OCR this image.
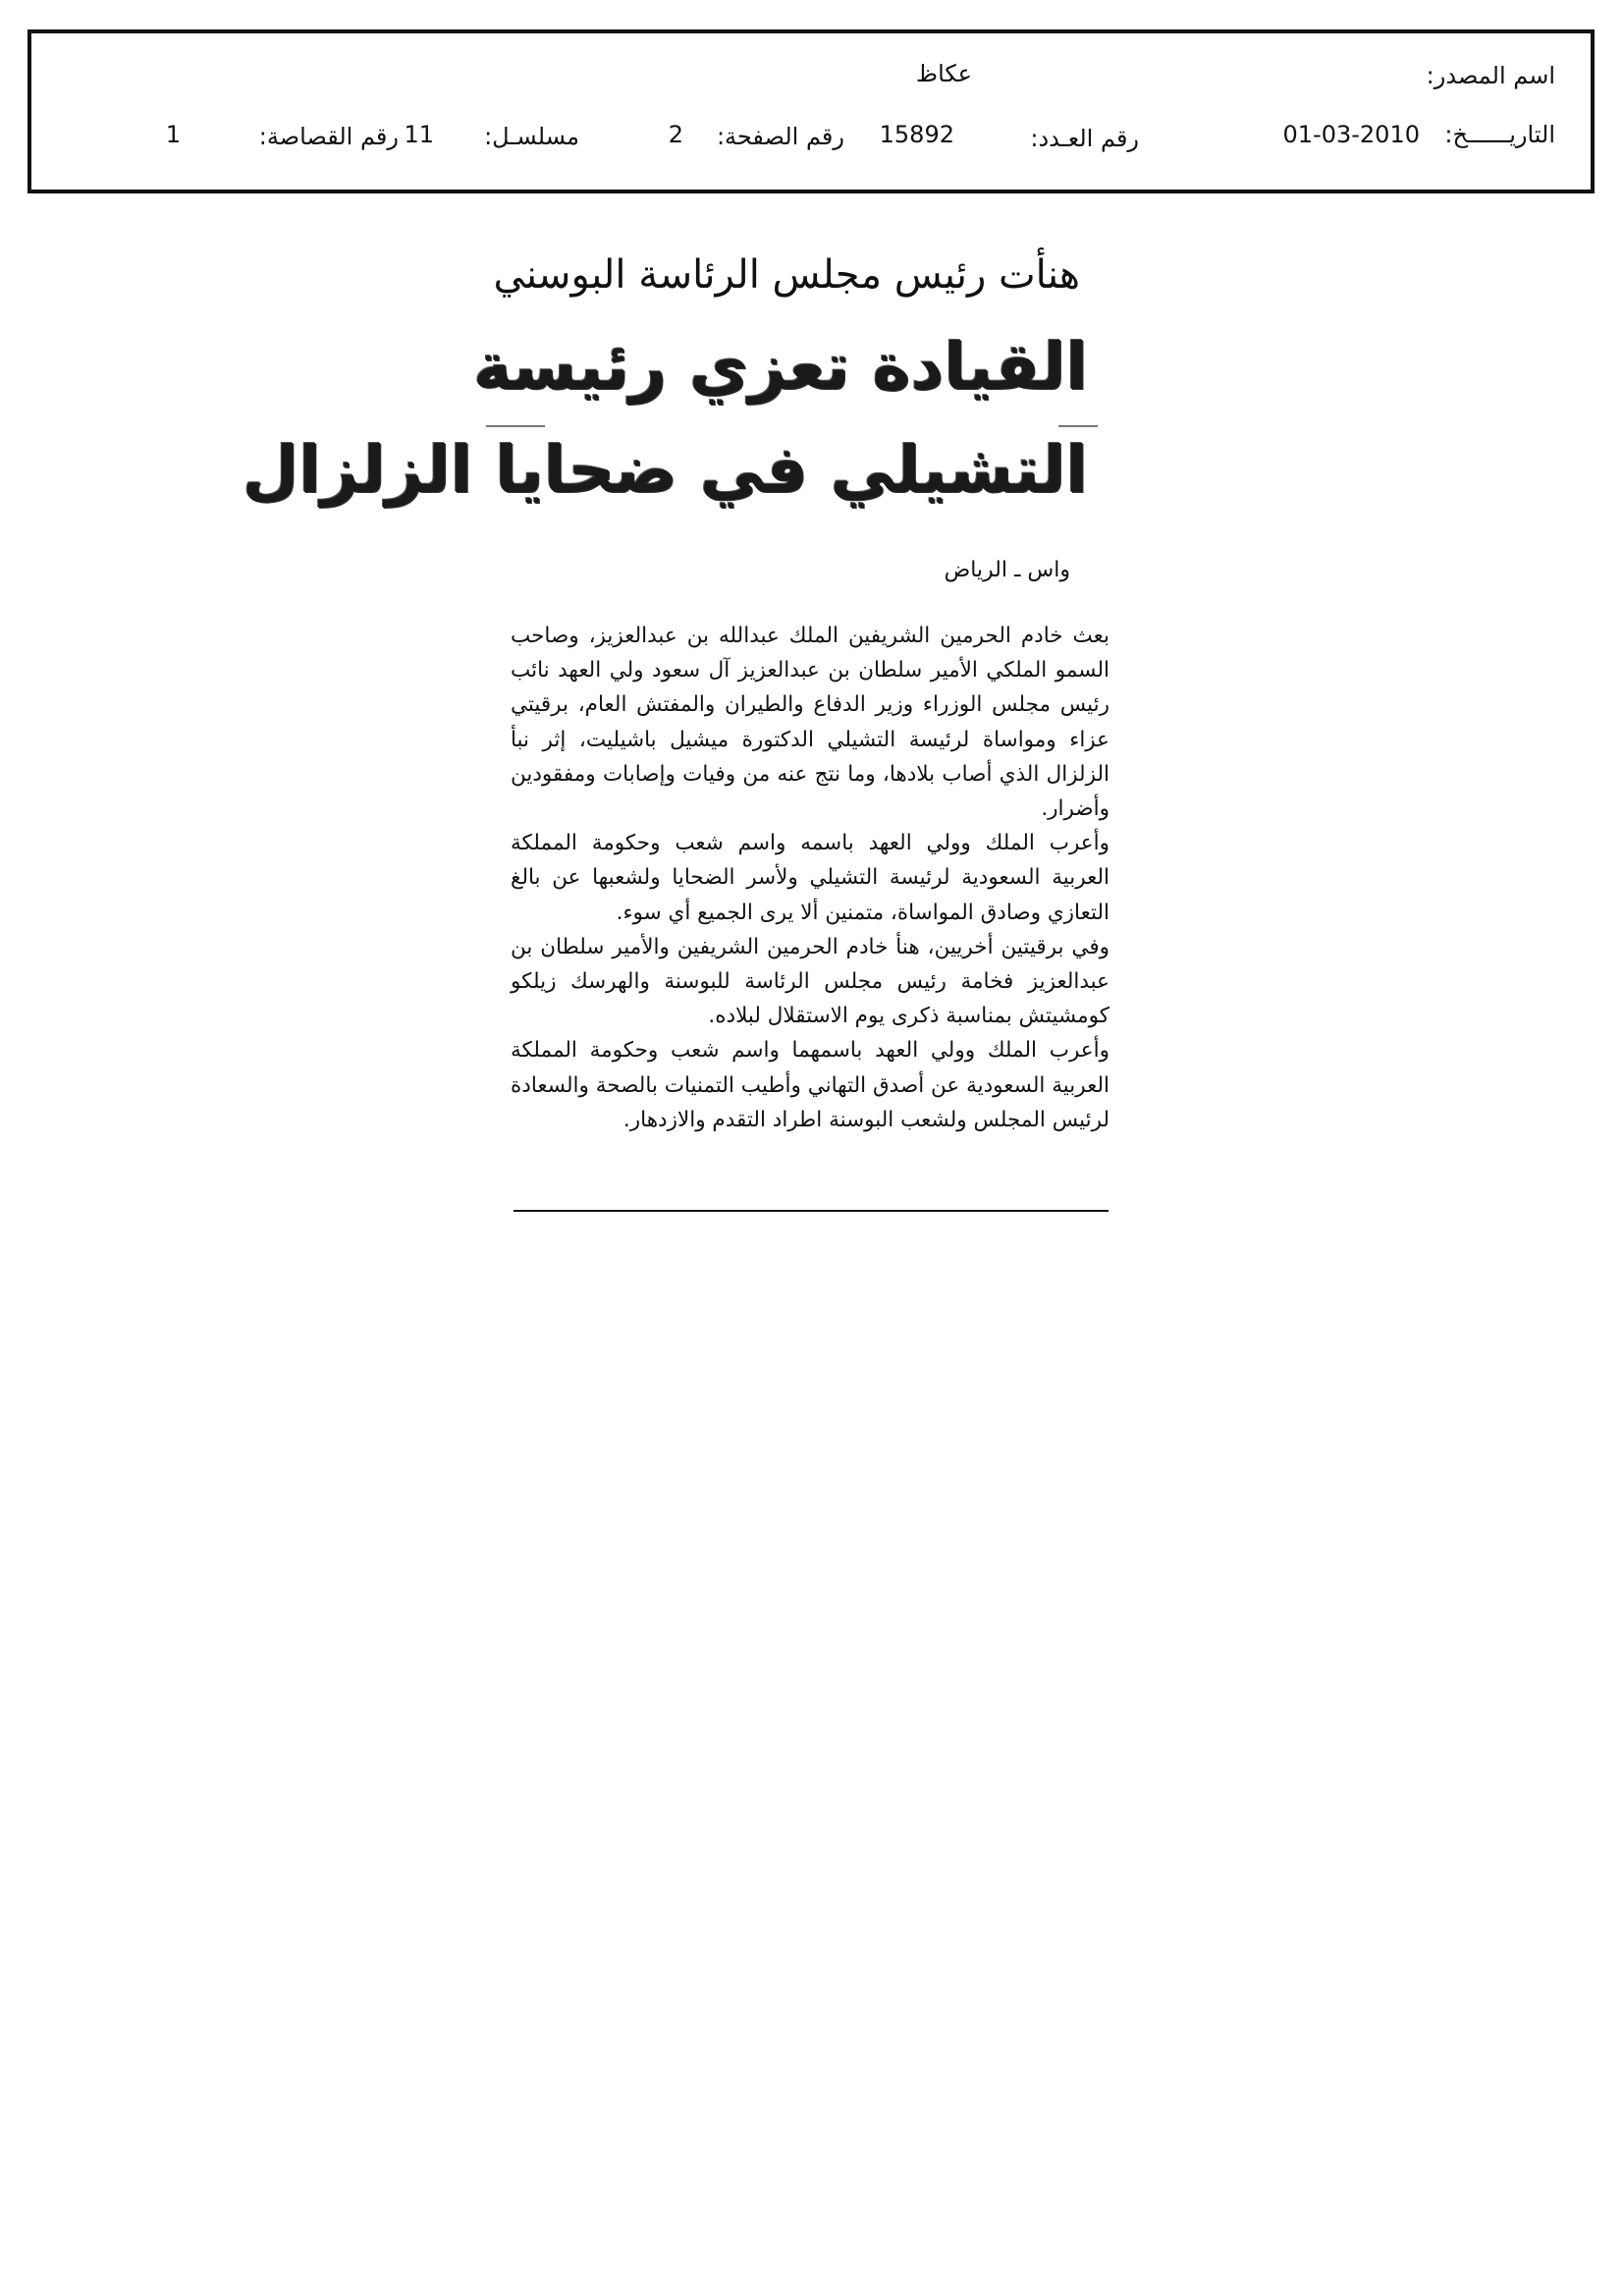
اسم المصدر:
عكاظ
التاريــــــخ:
01-03-2010
رقم العـدد:
15892
رقم الصفحة:
2
مسلسـل:
11
رقم القصاصة:
1
هنأت رئيس مجلس الرئاسة البوسني
القيادة تعزي رئيسة
التشيلي في ضحايا الزلزال
واس ـ الرياض

بعث خادم الحرمين الشريفين الملك عبدالله بن عبدالعزيز، وصاحب السمو الملكي الأمير سلطان بن عبدالعزيز آل سعود ولي العهد نائب رئيس مجلس الوزراء وزير الدفاع والطيران والمفتش العام، برقيتي عزاء ومواساة لرئيسة التشيلي الدكتورة ميشيل باشيليت، إثر نبأ الزلزال الذي أصاب بلادها، وما نتج عنه من وفيات وإصابات ومفقودين وأضرار.

وأعرب الملك وولي العهد باسمه واسم شعب وحكومة المملكة العربية السعودية لرئيسة التشيلي ولأسر الضحايا ولشعبها عن بالغ التعازي وصادق المواساة، متمنين ألا يرى الجميع أي سوء.

وفي برقيتين أخريين، هنأ خادم الحرمين الشريفين والأمير سلطان بن عبدالعزيز فخامة رئيس مجلس الرئاسة للبوسنة والهرسك زيلكو كومشيتش بمناسبة ذكرى يوم الاستقلال لبلاده.

وأعرب الملك وولي العهد باسمهما واسم شعب وحكومة المملكة العربية السعودية عن أصدق التهاني وأطيب التمنيات بالصحة والسعادة لرئيس المجلس ولشعب البوسنة اطراد التقدم والازدهار.
